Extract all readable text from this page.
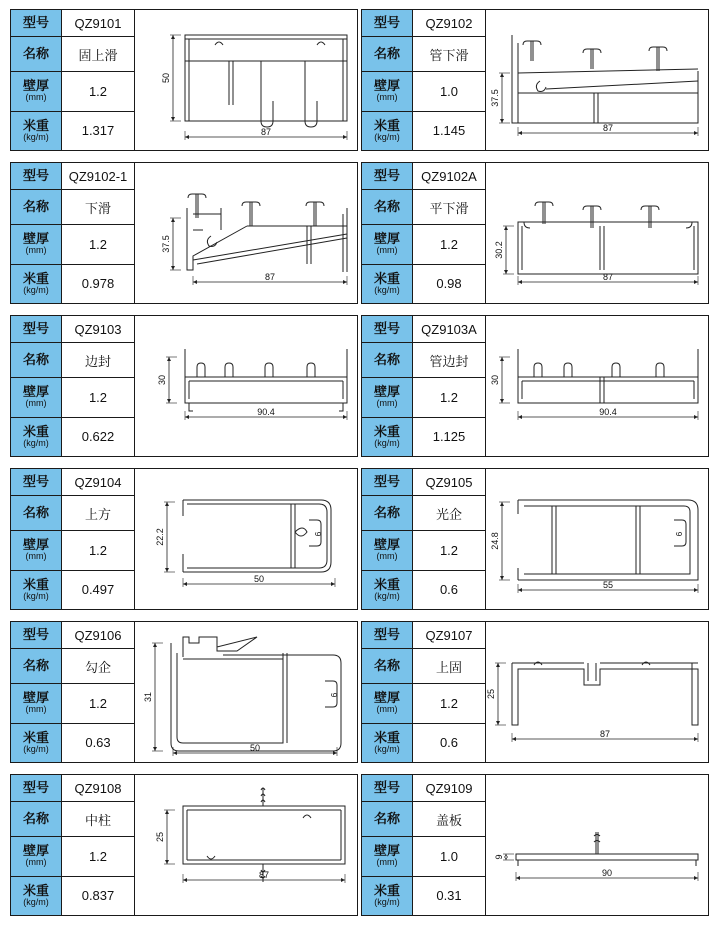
型号	QZ9101
名称	固上滑
壁厚
(mm)	1.2
米重
(kg/m)	1.317
50
87
型号	QZ9102
名称	管下滑
壁厚
(mm)	1.0
米重
(kg/m)	1.145
37.5
87
型号	QZ9102-1
名称	下滑
壁厚
(mm)	1.2
米重
(kg/m)	0.978
37.5
87
型号	QZ9102A
名称	平下滑
壁厚
(mm)	1.2
米重
(kg/m)	0.98
30.2
87
型号	QZ9103
名称	边封
壁厚
(mm)	1.2
米重
(kg/m)	0.622
30
90.4
型号	QZ9103A
名称	管边封
壁厚
(mm)	1.2
米重
(kg/m)	1.125
30
90.4
型号	QZ9104
名称	上方
壁厚
(mm)	1.2
米重
(kg/m)	0.497
22.2
50
6
型号	QZ9105
名称	光企
壁厚
(mm)	1.2
米重
(kg/m)	0.6
24.8
55
6
型号	QZ9106
名称	勾企
壁厚
(mm)	1.2
米重
(kg/m)	0.63
31
50
6
型号	QZ9107
名称	上固
壁厚
(mm)	1.2
米重
(kg/m)	0.6
25
87
型号	QZ9108
名称	中柱
壁厚
(mm)	1.2
米重
(kg/m)	0.837
25
87
型号	QZ9109
名称	盖板
壁厚
(mm)	1.0
米重
(kg/m)	0.31
9
90
